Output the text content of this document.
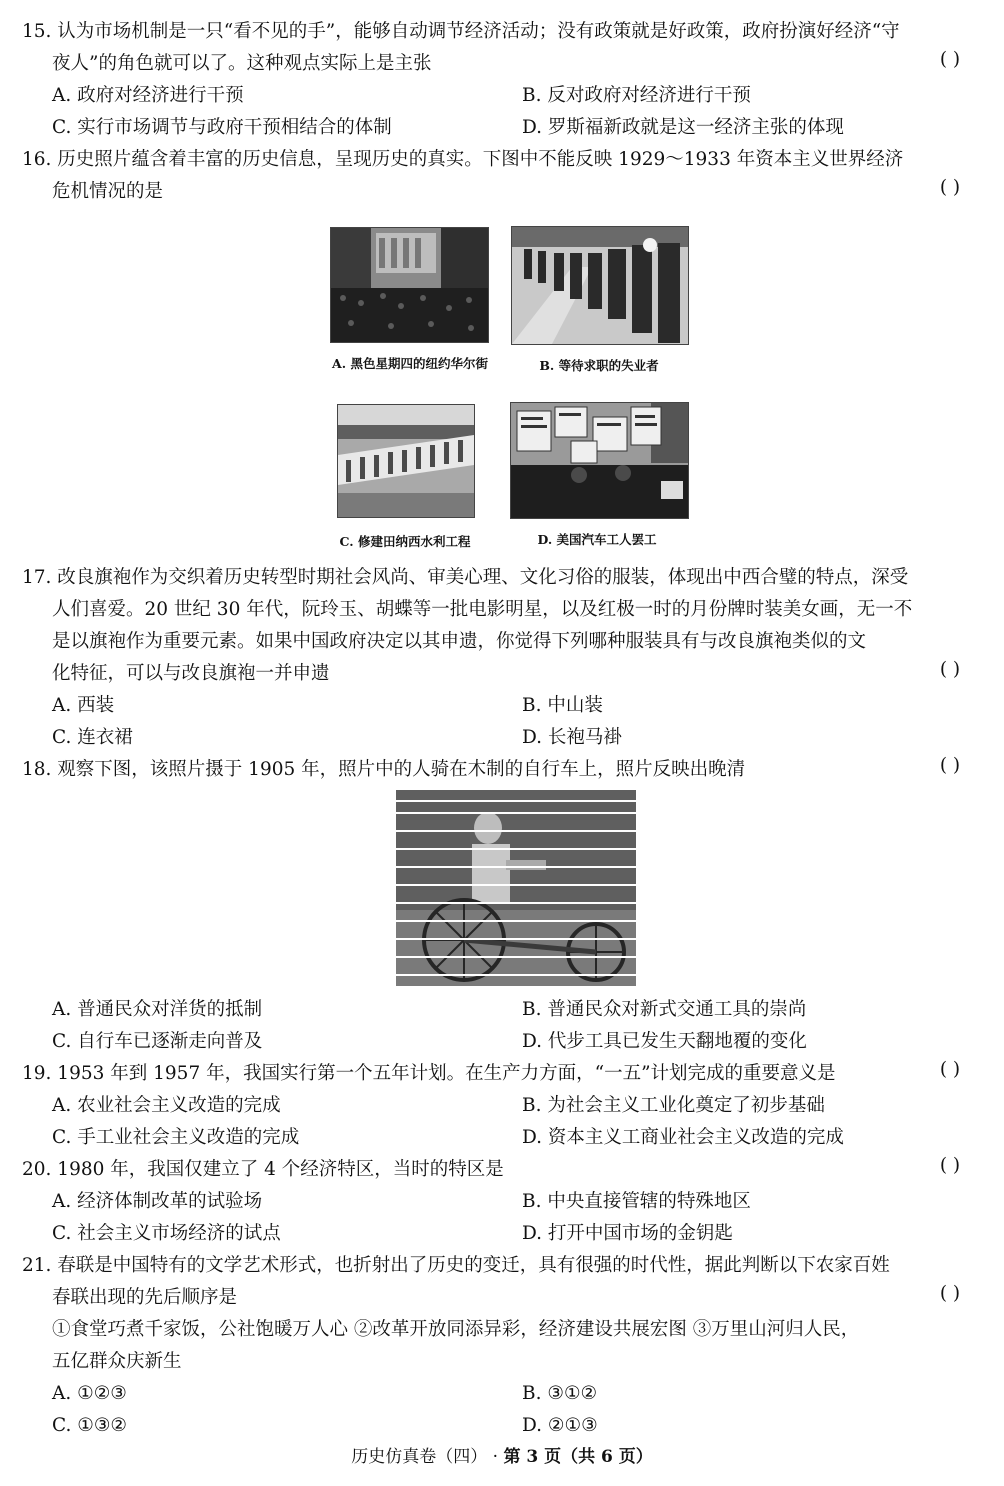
15. 认为市场机制是一只“看不见的手”，能够自动调节经济活动；没有政策就是好政策，政府扮演好经济“守
夜人”的角色就可以了。这种观点实际上是主张	( )
A. 政府对经济进行干预	B. 反对政府对经济进行干预
C. 实行市场调节与政府干预相结合的体制	D. 罗斯福新政就是这一经济主张的体现
16. 历史照片蕴含着丰富的历史信息，呈现历史的真实。下图中不能反映 1929～1933 年资本主义世界经济
危机情况的是	( )
A. 黑色星期四的纽约华尔街	B. 等待求职的失业者
C. 修建田纳西水利工程	D. 美国汽车工人罢工
17. 改良旗袍作为交织着历史转型时期社会风尚、审美心理、文化习俗的服装，体现出中西合璧的特点，深受
人们喜爱。20 世纪 30 年代，阮玲玉、胡蝶等一批电影明星，以及红极一时的月份牌时装美女画，无一不
是以旗袍作为重要元素。如果中国政府决定以其申遗，你觉得下列哪种服装具有与改良旗袍类似的文
化特征，可以与改良旗袍一并申遗	( )
A. 西装	B. 中山装
C. 连衣裙	D. 长袍马褂
18. 观察下图，该照片摄于 1905 年，照片中的人骑在木制的自行车上，照片反映出晚清	( )
A. 普通民众对洋货的抵制	B. 普通民众对新式交通工具的崇尚
C. 自行车已逐渐走向普及	D. 代步工具已发生天翻地覆的变化
19. 1953 年到 1957 年，我国实行第一个五年计划。在生产力方面，“一五”计划完成的重要意义是	( )
A. 农业社会主义改造的完成	B. 为社会主义工业化奠定了初步基础
C. 手工业社会主义改造的完成	D. 资本主义工商业社会主义改造的完成
20. 1980 年，我国仅建立了 4 个经济特区，当时的特区是	( )
A. 经济体制改革的试验场	B. 中央直接管辖的特殊地区
C. 社会主义市场经济的试点	D. 打开中国市场的金钥匙
21. 春联是中国特有的文学艺术形式，也折射出了历史的变迁，具有很强的时代性，据此判断以下农家百姓
春联出现的先后顺序是	( )
①食堂巧煮千家饭，公社饱暖万人心 ②改革开放同添异彩，经济建设共展宏图 ③万里山河归人民，
五亿群众庆新生
A. ①②③	B. ③①②
C. ①③②	D. ②①③
历史仿真卷（四） · 第 3 页（共 6 页）
